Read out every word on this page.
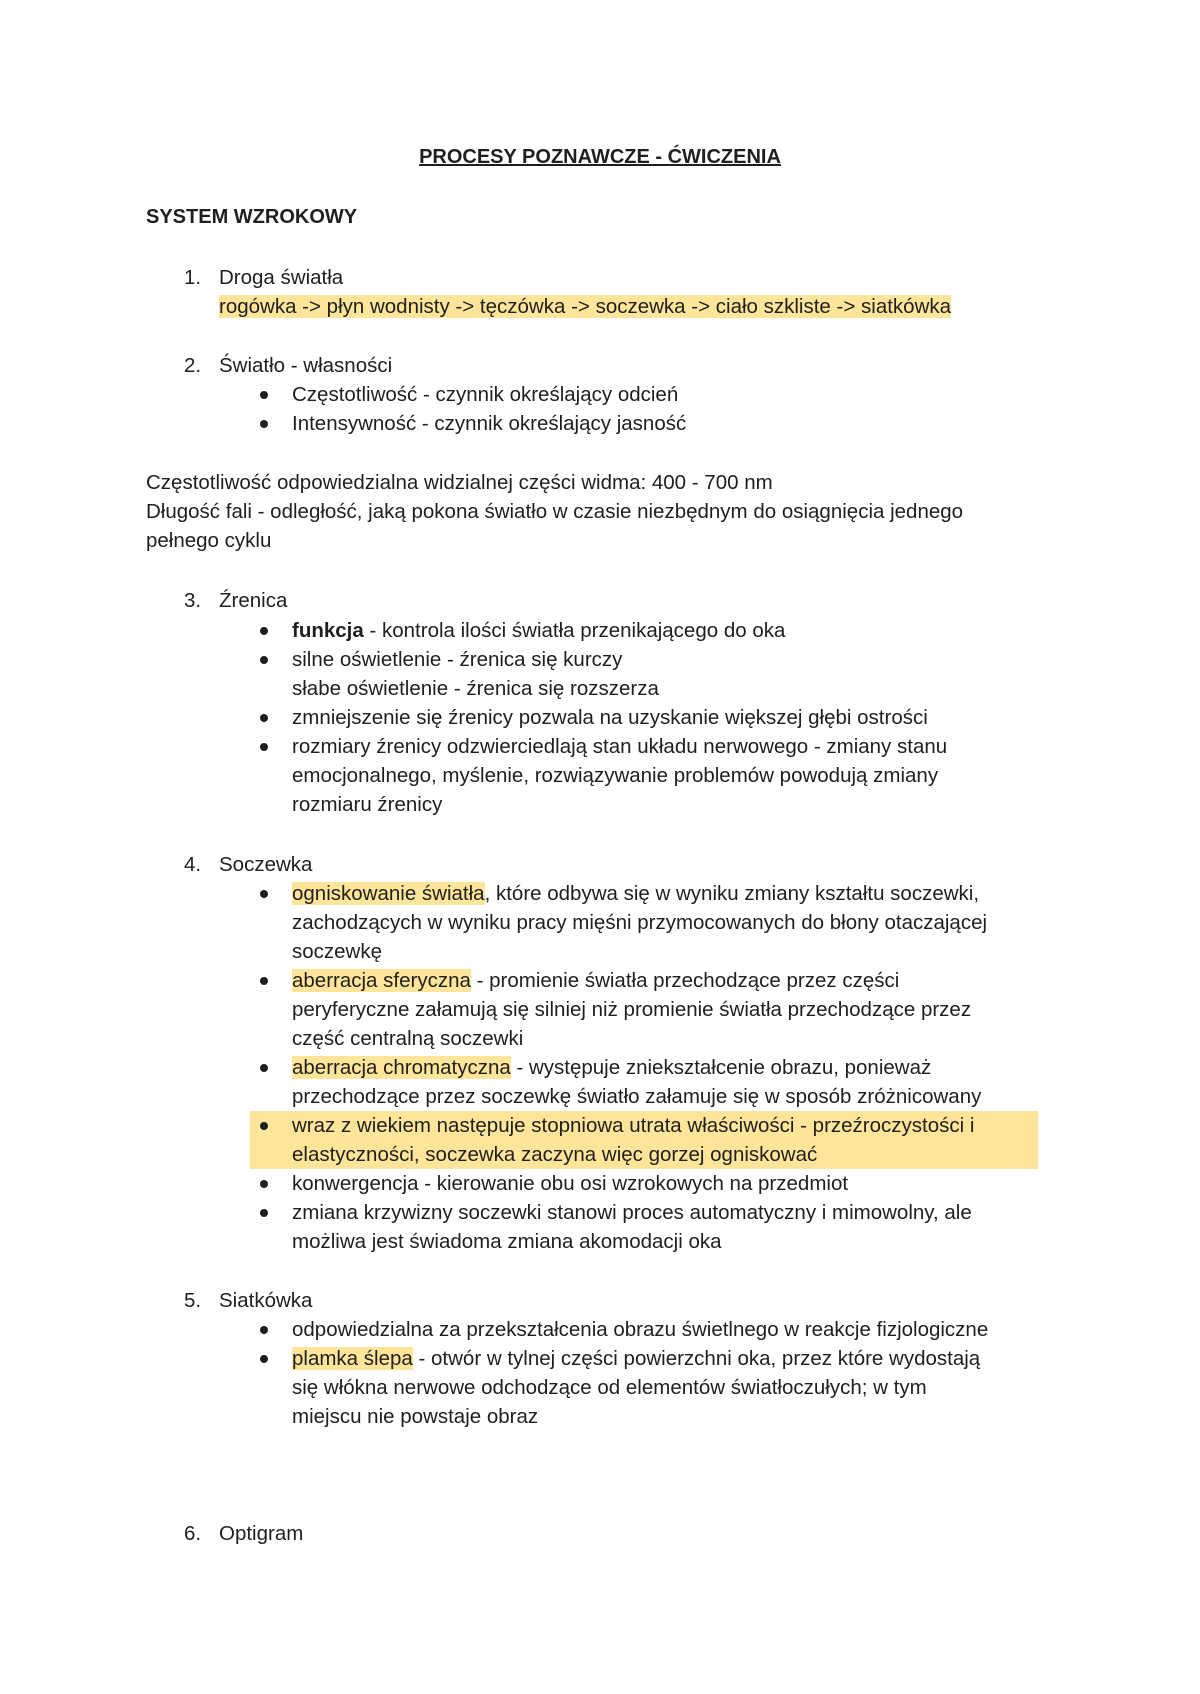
PROCESY POZNAWCZE - ĆWICZENIA
SYSTEM WZROKOWY
1. Droga światła
rogówka -> płyn wodnisty -> tęczówka -> soczewka -> ciało szkliste -> siatkówka
2. Światło - własności
Częstotliwość - czynnik określający odcień
Intensywność - czynnik określający jasność
Częstotliwość odpowiedzialna widzialnej części widma: 400 - 700 nm
Długość fali - odległość, jaką pokona światło w czasie niezbędnym do osiągnięcia jednego
pełnego cyklu
3. Źrenica
funkcja - kontrola ilości światła przenikającego do oka
silne oświetlenie - źrenica się kurczy
słabe oświetlenie - źrenica się rozszerza
zmniejszenie się źrenicy pozwala na uzyskanie większej głębi ostrości
rozmiary źrenicy odzwierciedlają stan układu nerwowego - zmiany stanu
emocjonalnego, myślenie, rozwiązywanie problemów powodują zmiany
rozmiaru źrenicy
4. Soczewka
ogniskowanie światła, które odbywa się w wyniku zmiany kształtu soczewki,
zachodzących w wyniku pracy mięśni przymocowanych do błony otaczającej
soczewkę
aberracja sferyczna - promienie światła przechodzące przez części
peryferyczne załamują się silniej niż promienie światła przechodzące przez
część centralną soczewki
aberracja chromatyczna - występuje zniekształcenie obrazu, ponieważ
przechodzące przez soczewkę światło załamuje się w sposób zróżnicowany
wraz z wiekiem następuje stopniowa utrata właściwości - przeźroczystości i
elastyczności, soczewka zaczyna więc gorzej ogniskować
konwergencja - kierowanie obu osi wzrokowych na przedmiot
zmiana krzywizny soczewki stanowi proces automatyczny i mimowolny, ale
możliwa jest świadoma zmiana akomodacji oka
5. Siatkówka
odpowiedzialna za przekształcenia obrazu świetlnego w reakcje fizjologiczne
plamka ślepa - otwór w tylnej części powierzchni oka, przez które wydostają
się włókna nerwowe odchodzące od elementów światłoczułych; w tym
miejscu nie powstaje obraz
6. Optigram
